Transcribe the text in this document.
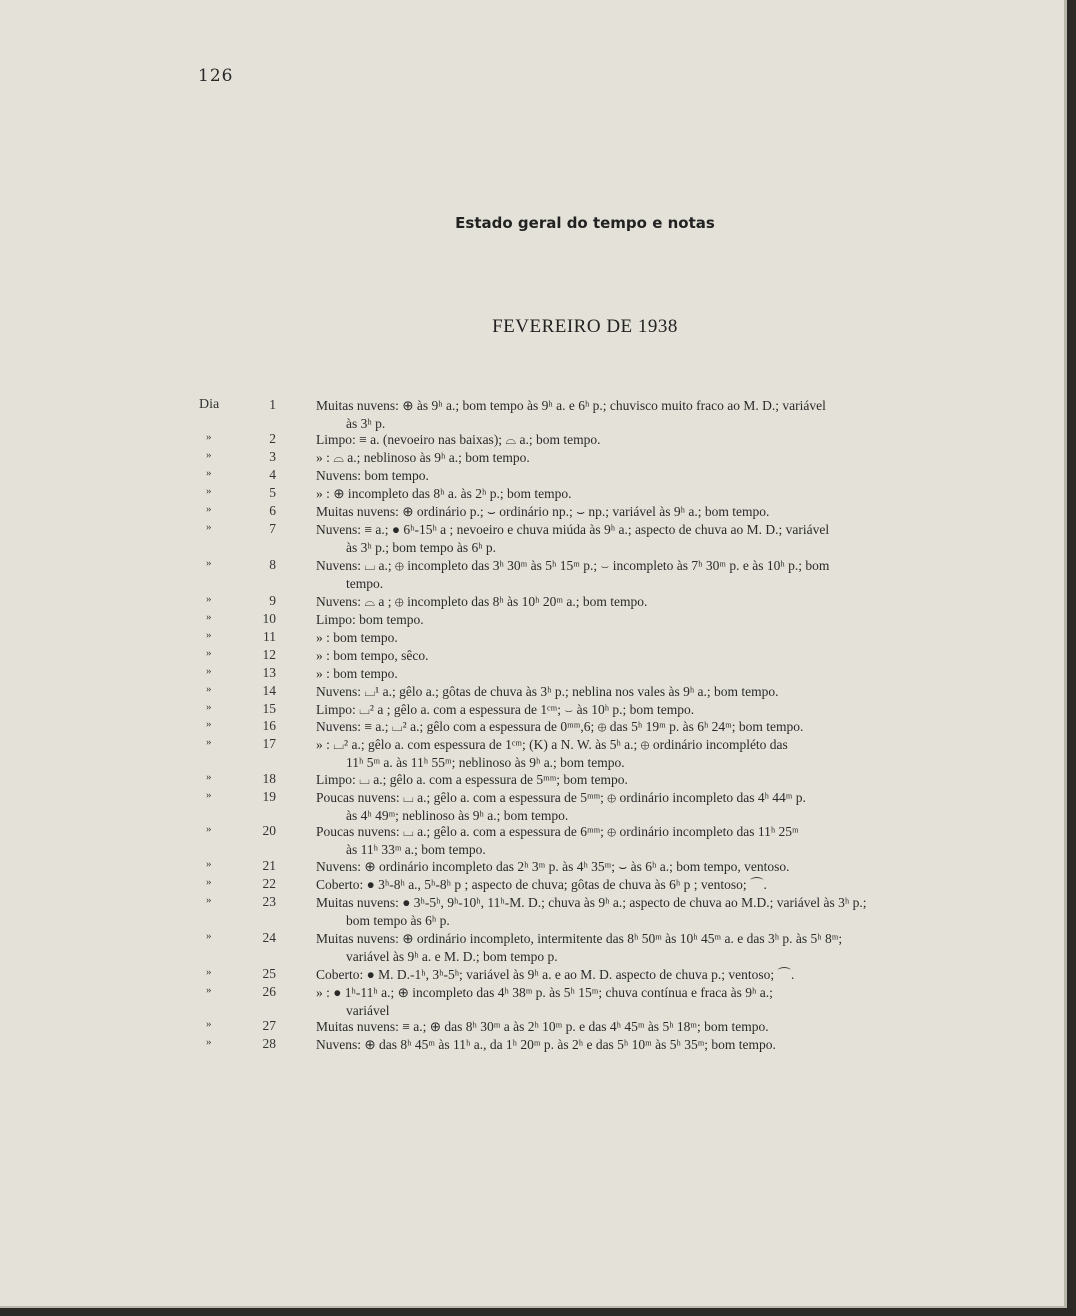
126
Estado geral do tempo e notas
FEVEREIRO DE 1938
Dia	1	Muitas nuvens: ⊕ às 9ʰ a.; bom tempo às 9ʰ a. e 6ʰ p.; chuvisco muito fraco ao M. D.; variável
às 3ʰ p.
»	2	Limpo: ≡ a. (nevoeiro nas baixas); ⌓ a.; bom tempo.
»	3	» : ⌓ a.; neblinoso às 9ʰ a.; bom tempo.
»	4	Nuvens: bom tempo.
»	5	» : ⊕ incompleto das 8ʰ a. às 2ʰ p.; bom tempo.
»	6	Muitas nuvens: ⊕ ordinário p.; ⌣ ordinário np.; ⌣ np.; variável às 9ʰ a.; bom tempo.
»	7	Nuvens: ≡ a.; ● 6ʰ-15ʰ a ; nevoeiro e chuva miúda às 9ʰ a.; aspecto de chuva ao M. D.; variável
às 3ʰ p.; bom tempo às 6ʰ p.
»	8	Nuvens: ⌴ a.; ⊕ incompleto das 3ʰ 30ᵐ às 5ʰ 15ᵐ p.; ⌣ incompleto às 7ʰ 30ᵐ p. e às 10ʰ p.; bom
tempo.
»	9	Nuvens: ⌓ a ; ⊕ incompleto das 8ʰ às 10ʰ 20ᵐ a.; bom tempo.
»	10	Limpo: bom tempo.
»	11	» : bom tempo.
»	12	» : bom tempo, sêco.
»	13	» : bom tempo.
»	14	Nuvens: ⌴¹ a.; gêlo a.; gôtas de chuva às 3ʰ p.; neblina nos vales às 9ʰ a.; bom tempo.
»	15	Limpo: ⌴² a ; gêlo a. com a espessura de 1ᶜᵐ; ⌣ às 10ʰ p.; bom tempo.
»	16	Nuvens: ≡ a.; ⌴² a.; gêlo com a espessura de 0ᵐᵐ,6; ⊕ das 5ʰ 19ᵐ p. às 6ʰ 24ᵐ; bom tempo.
»	17	» : ⌴² a.; gêlo a. com espessura de 1ᶜᵐ; (K) a N. W. às 5ʰ a.; ⊕ ordinário incompléto das
11ʰ 5ᵐ a. às 11ʰ 55ᵐ; neblinoso às 9ʰ a.; bom tempo.
»	18	Limpo: ⌴ a.; gêlo a. com a espessura de 5ᵐᵐ; bom tempo.
»	19	Poucas nuvens: ⌴ a.; gêlo a. com a espessura de 5ᵐᵐ; ⊕ ordinário incompleto das 4ʰ 44ᵐ p.
às 4ʰ 49ᵐ; neblinoso às 9ʰ a.; bom tempo.
»	20	Poucas nuvens: ⌴ a.; gêlo a. com a espessura de 6ᵐᵐ; ⊕ ordinário incompleto das 11ʰ 25ᵐ
às 11ʰ 33ᵐ a.; bom tempo.
»	21	Nuvens: ⊕ ordinário incompleto das 2ʰ 3ᵐ p. às 4ʰ 35ᵐ; ⌣ às 6ʰ a.; bom tempo, ventoso.
»	22	Coberto: ● 3ʰ-8ʰ a., 5ʰ-8ʰ p ; aspecto de chuva; gôtas de chuva às 6ʰ p ; ventoso; ⌒.
»	23	Muitas nuvens: ● 3ʰ-5ʰ, 9ʰ-10ʰ, 11ʰ-M. D.; chuva às 9ʰ a.; aspecto de chuva ao M.D.; variável às 3ʰ p.;
bom tempo às 6ʰ p.
»	24	Muitas nuvens: ⊕ ordinário incompleto, intermitente das 8ʰ 50ᵐ às 10ʰ 45ᵐ a. e das 3ʰ p. às 5ʰ 8ᵐ;
variável às 9ʰ a. e M. D.; bom tempo p.
»	25	Coberto: ● M. D.-1ʰ, 3ʰ-5ʰ; variável às 9ʰ a. e ao M. D. aspecto de chuva p.; ventoso; ⌒.
»	26	» : ● 1ʰ-11ʰ a.; ⊕ incompleto das 4ʰ 38ᵐ p. às 5ʰ 15ᵐ; chuva contínua e fraca às 9ʰ a.;
variável
»	27	Muitas nuvens: ≡ a.; ⊕ das 8ʰ 30ᵐ a às 2ʰ 10ᵐ p. e das 4ʰ 45ᵐ às 5ʰ 18ᵐ; bom tempo.
»	28	Nuvens: ⊕ das 8ʰ 45ᵐ às 11ʰ a., da 1ʰ 20ᵐ p. às 2ʰ e das 5ʰ 10ᵐ às 5ʰ 35ᵐ; bom tempo.
